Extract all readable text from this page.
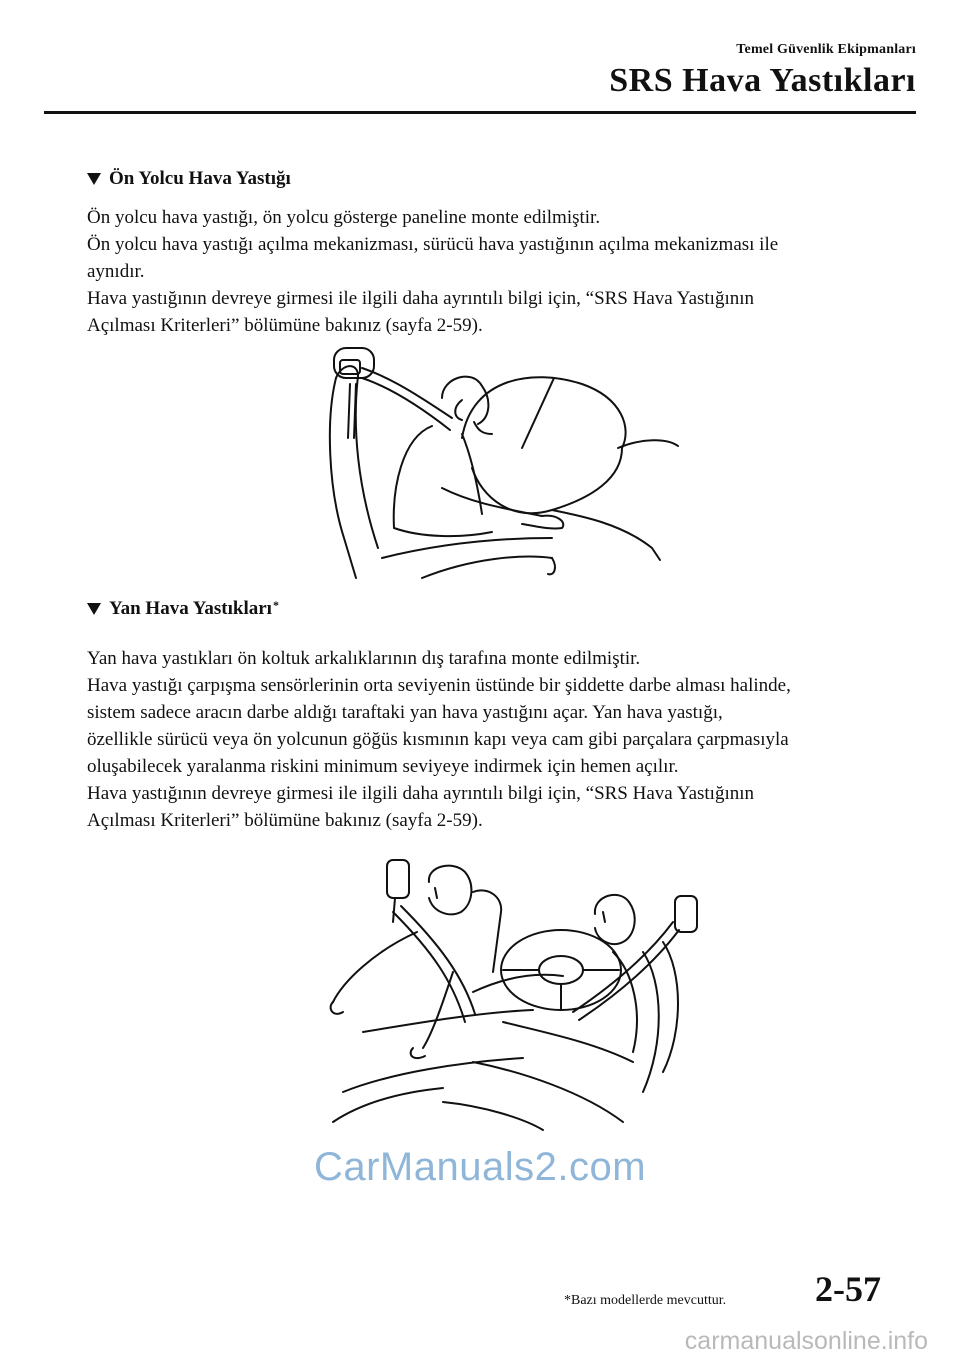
Temel Güvenlik Ekipmanları
SRS Hava Yastıkları
Ön Yolcu Hava Yastığı

Ön yolcu hava yastığı, ön yolcu gösterge paneline monte edilmiştir.

Ön yolcu hava yastığı açılma mekanizması, sürücü hava yastığının açılma mekanizması ile

aynıdır.

Hava yastığının devreye girmesi ile ilgili daha ayrıntılı bilgi için, “SRS Hava Yastığının

Açılması Kriterleri” bölümüne bakınız (sayfa 2-59).

Yan Hava Yastıkları *

Yan hava yastıkları ön koltuk arkalıklarının dış tarafına monte edilmiştir.

Hava yastığı çarpışma sensörlerinin orta seviyenin üstünde bir şiddette darbe alması halinde,

sistem sadece aracın darbe aldığı taraftaki yan hava yastığını açar. Yan hava yastığı,

özellikle sürücü veya ön yolcunun göğüs kısmının kapı veya cam gibi parçalara çarpmasıyla

oluşabilecek yaralanma riskini minimum seviyeye indirmek için hemen açılır.

Hava yastığının devreye girmesi ile ilgili daha ayrıntılı bilgi için, “SRS Hava Yastığının

Açılması Kriterleri” bölümüne bakınız (sayfa 2-59).

CarManuals2.com
*Bazı modellerde mevcuttur. 2-57
carmanualsonline.info
